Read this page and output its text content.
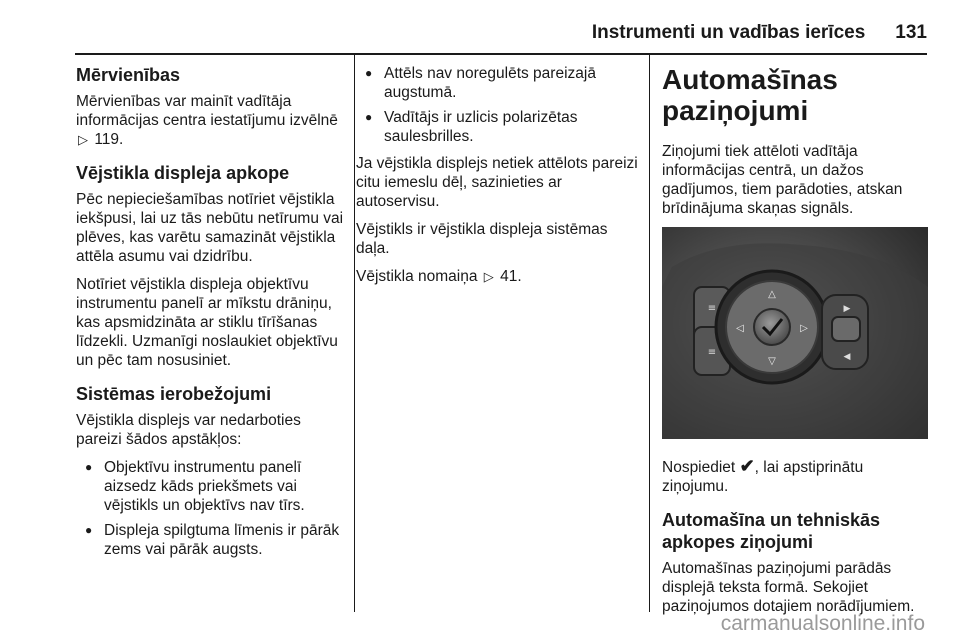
Instrumenti un vadības ierīces 131
Mērvienības

Mērvienības var mainīt vadītāja informācijas centra iestatījumu izvēlnē ▷ 119.

Vējstikla displeja apkope

Pēc nepieciešamības notīriet vējstikla iekšpusi, lai uz tās nebūtu netīrumu vai plēves, kas varētu samazināt vējstikla attēla asumu vai dzidrību.

Notīriet vējstikla displeja objektīvu instrumentu panelī ar mīkstu drāniņu, kas apsmidzināta ar stiklu tīrīšanas līdzekli. Uzmanīgi noslaukiet objektīvu un pēc tam nosusiniet.

Sistēmas ierobežojumi

Vējstikla displejs var nedarboties pareizi šādos apstākļos:

● Objektīvu instrumentu panelī aizsedz kāds priekšmets vai vējstikls un objektīvs nav tīrs.
● Displeja spilgtuma līmenis ir pārāk zems vai pārāk augsts.
● Attēls nav noregulēts pareizajā augstumā.
● Vadītājs ir uzlicis polarizētas saulesbrilles.

Ja vējstikla displejs netiek attēlots pareizi citu iemeslu dēļ, sazinieties ar autoservisu.

Vējstikls ir vējstikla displeja sistēmas daļa.

Vējstikla nomaiņa ▷ 41.

Automašīnas paziņojumi

Ziņojumi tiek attēloti vadītāja informācijas centrā, un dažos gadījumos, tiem parādoties, atskan brīdinājuma skaņas signāls.

≡
≡
△
▽
◁	▷
▶
◀

Nospiediet ✔, lai apstiprinātu ziņojumu.

Automašīna un tehniskās apkopes ziņojumi

Automašīnas paziņojumi parādās displejā teksta formā. Sekojiet paziņojumos dotajiem norādījumiem.

carmanualsonline.info
